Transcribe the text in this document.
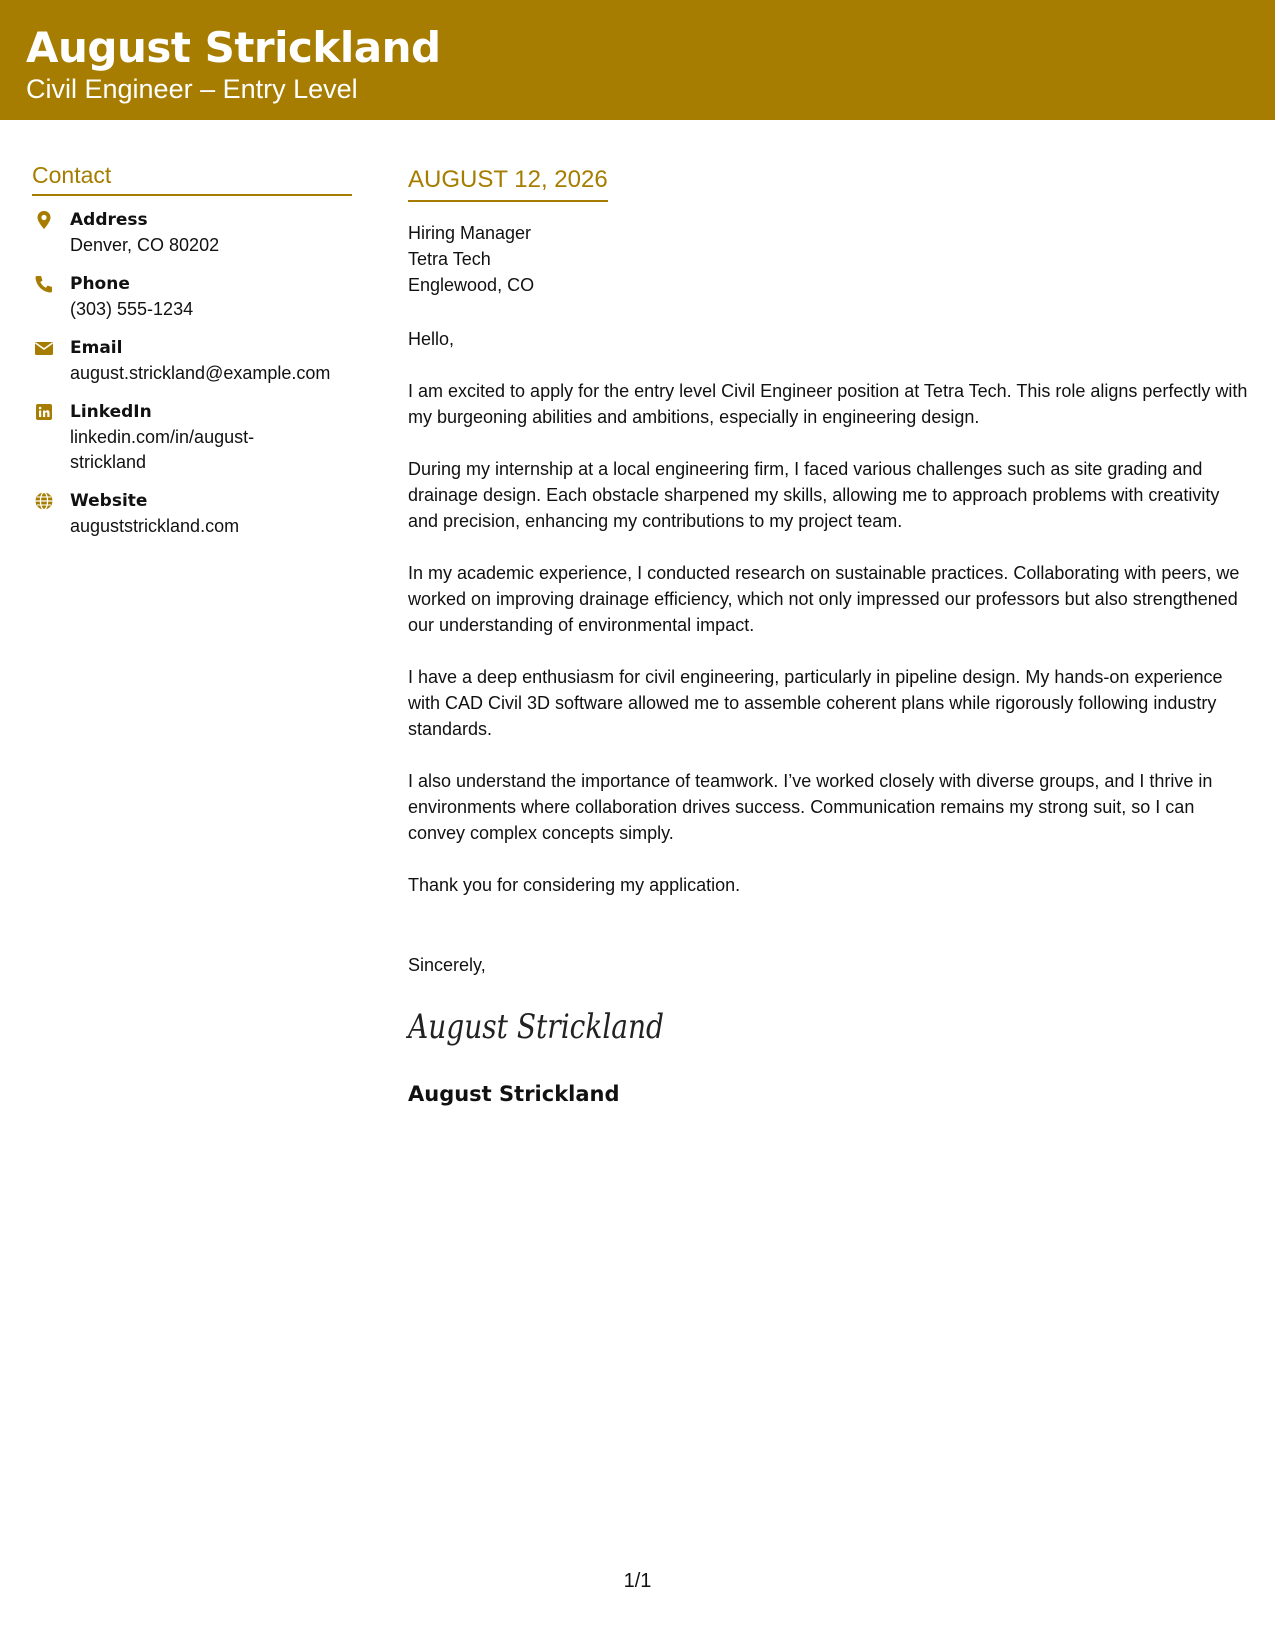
August Strickland
Civil Engineer – Entry Level
Contact
Address
Denver, CO 80202
Phone
(303) 555-1234
Email
august.strickland@example.com
LinkedIn
linkedin.com/in/august-strickland
Website
auguststrickland.com
AUGUST 12, 2026
Hiring Manager
Tetra Tech
Englewood, CO
Hello,

I am excited to apply for the entry level Civil Engineer position at Tetra Tech. This role aligns perfectly with my burgeoning abilities and ambitions, especially in engineering design.

During my internship at a local engineering firm, I faced various challenges such as site grading and drainage design. Each obstacle sharpened my skills, allowing me to approach problems with creativity and precision, enhancing my contributions to my project team.

In my academic experience, I conducted research on sustainable practices. Collaborating with peers, we worked on improving drainage efficiency, which not only impressed our professors but also strengthened our understanding of environmental impact.

I have a deep enthusiasm for civil engineering, particularly in pipeline design. My hands-on experience with CAD Civil 3D software allowed me to assemble coherent plans while rigorously following industry standards.

I also understand the importance of teamwork. I’ve worked closely with diverse groups, and I thrive in environments where collaboration drives success. Communication remains my strong suit, so I can convey complex concepts simply.

Thank you for considering my application.

Sincerely,
August Strickland
August Strickland
1/1
